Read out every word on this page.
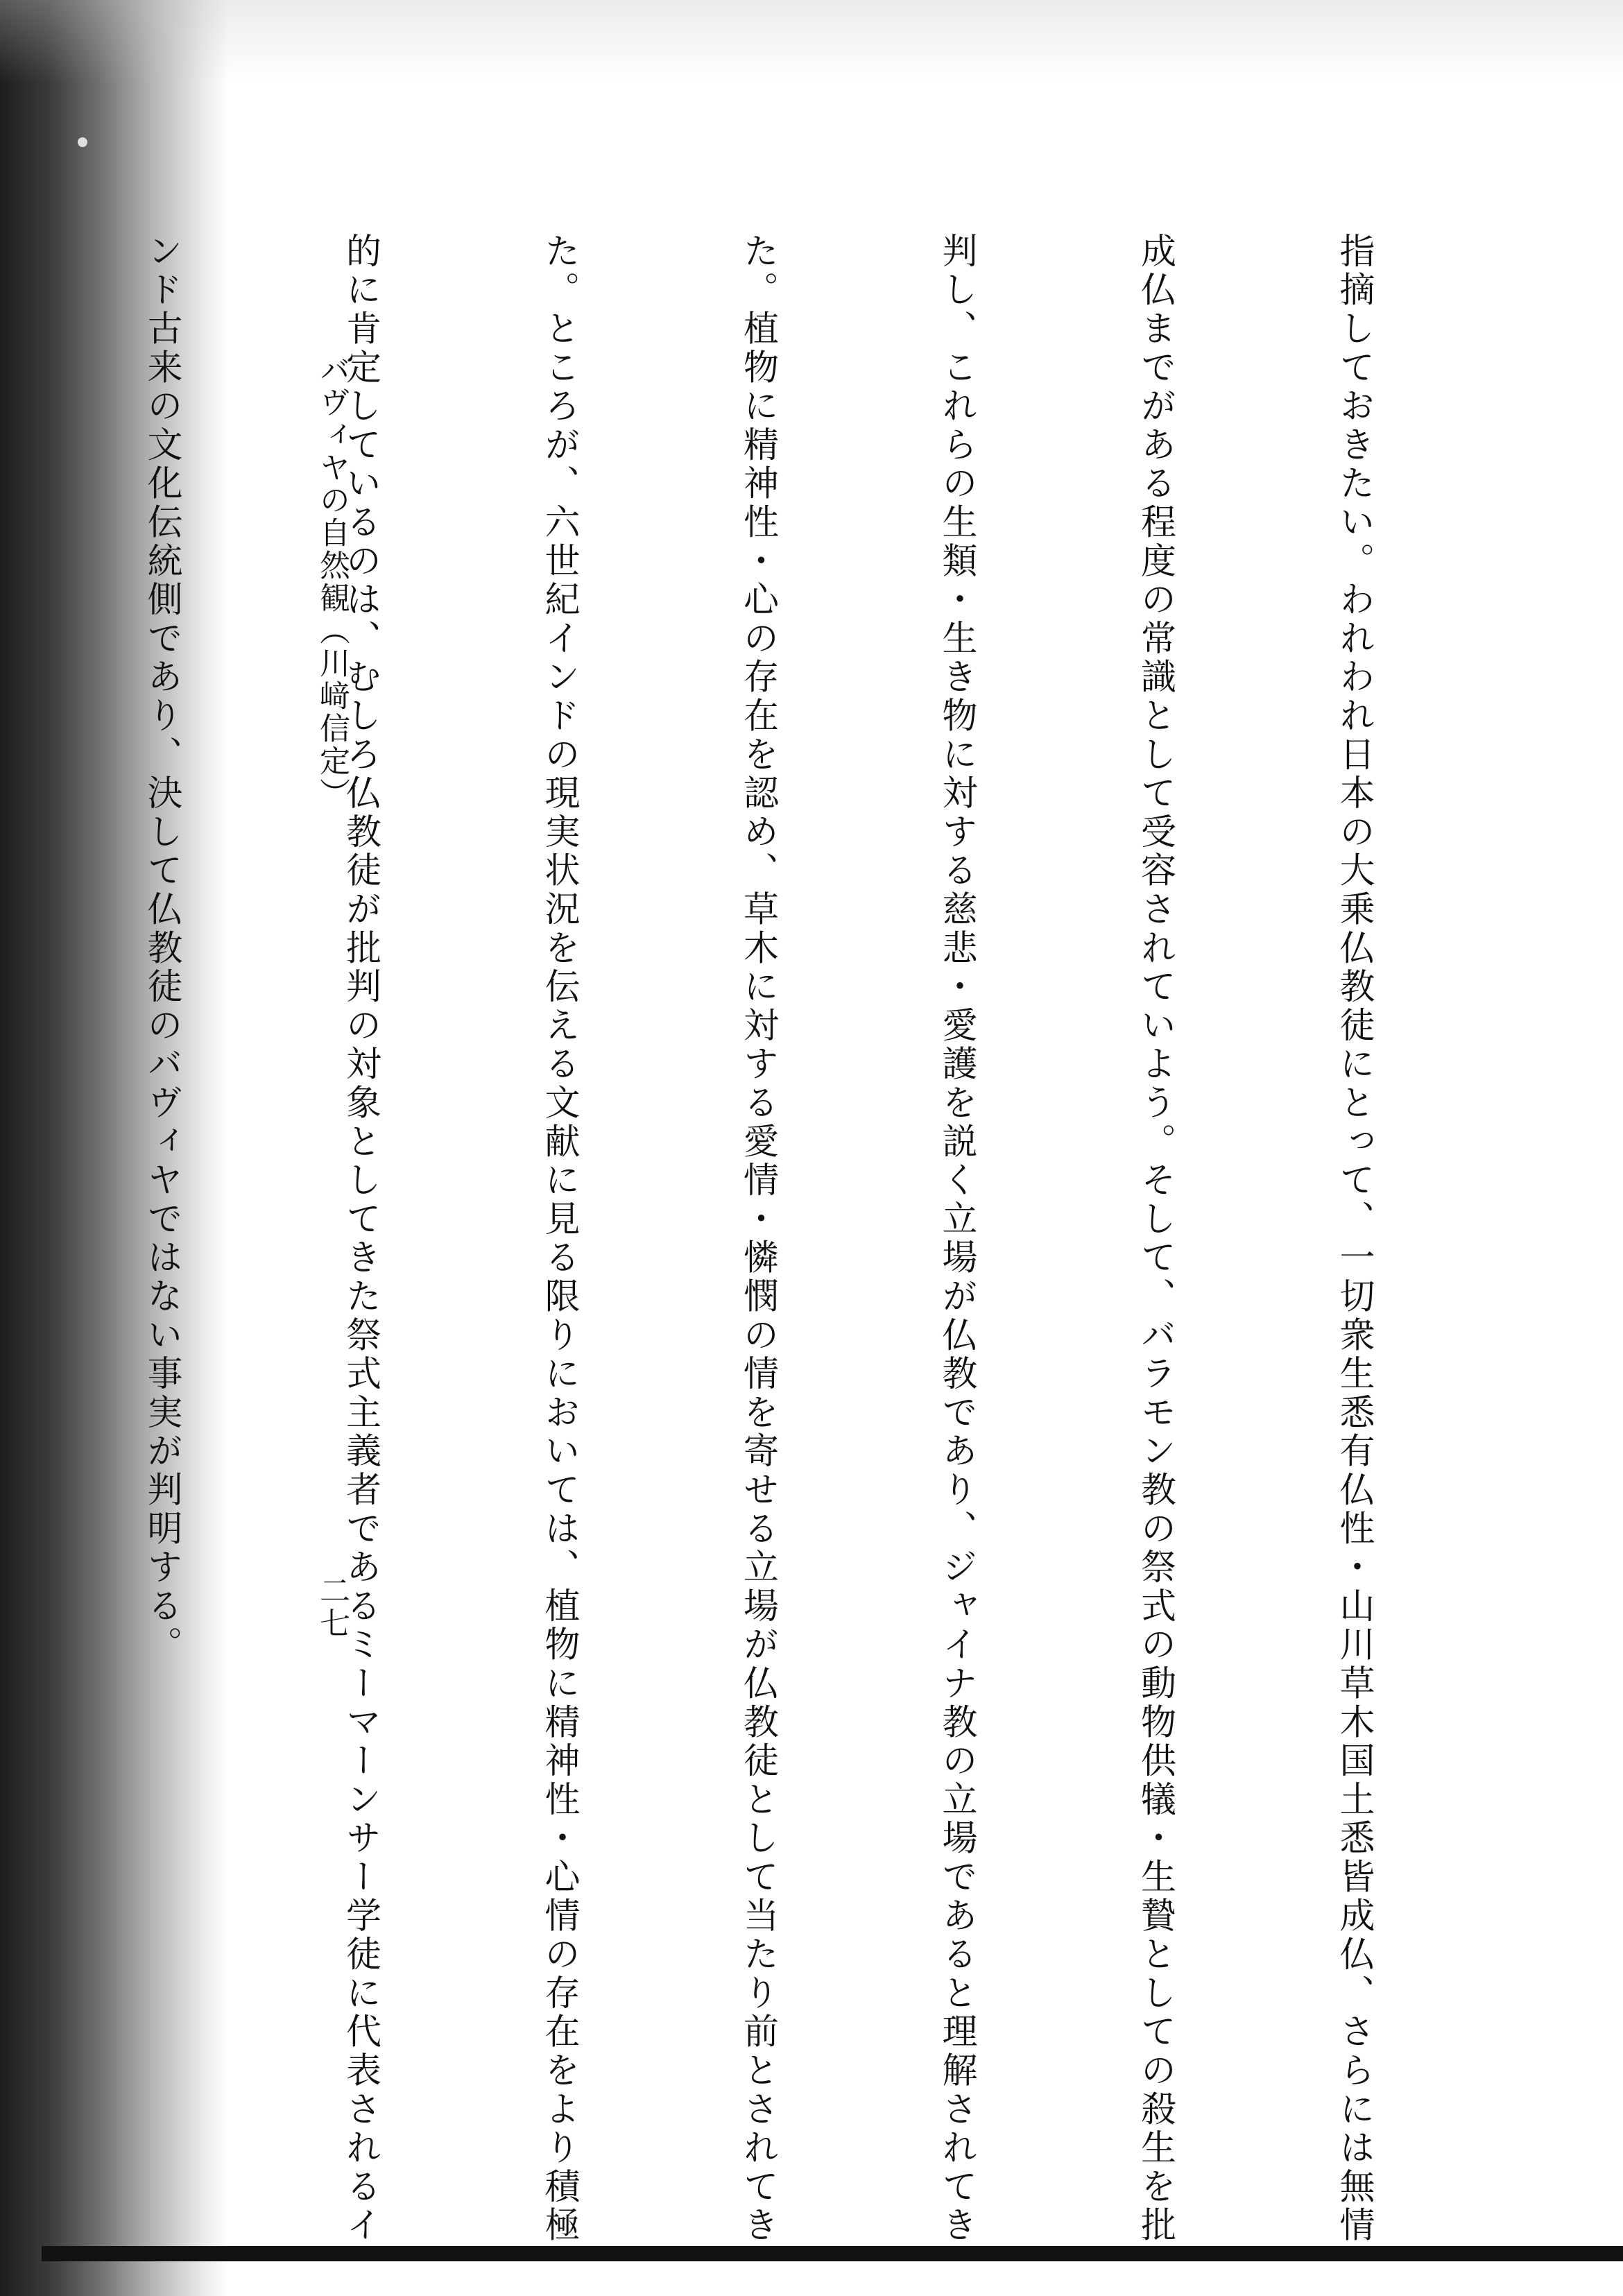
指摘しておきたい。われわれ日本の大乗仏教徒にとって、一切衆生悉有仏性・山川草木国土悉皆成仏、さらには無情

成仏までがある程度の常識として受容されていよう。そして、バラモン教の祭式の動物供犠・生贄としての殺生を批

判し、これらの生類・生き物に対する慈悲・愛護を説く立場が仏教であり、ジャイナ教の立場であると理解されてき

た。植物に精神性・心の存在を認め、草木に対する愛情・憐憫の情を寄せる立場が仏教徒として当たり前とされてき

た。ところが、六世紀インドの現実状況を伝える文献に見る限りにおいては、植物に精神性・心情の存在をより積極

的に肯定しているのは、むしろ仏教徒が批判の対象としてきた祭式主義者であるミーマーンサー学徒に代表されるイ

ンド古来の文化伝統側であり、決して仏教徒のバヴィヤではない事実が判明する。

	バヴィヤの自然観（川﨑信定）
二七
